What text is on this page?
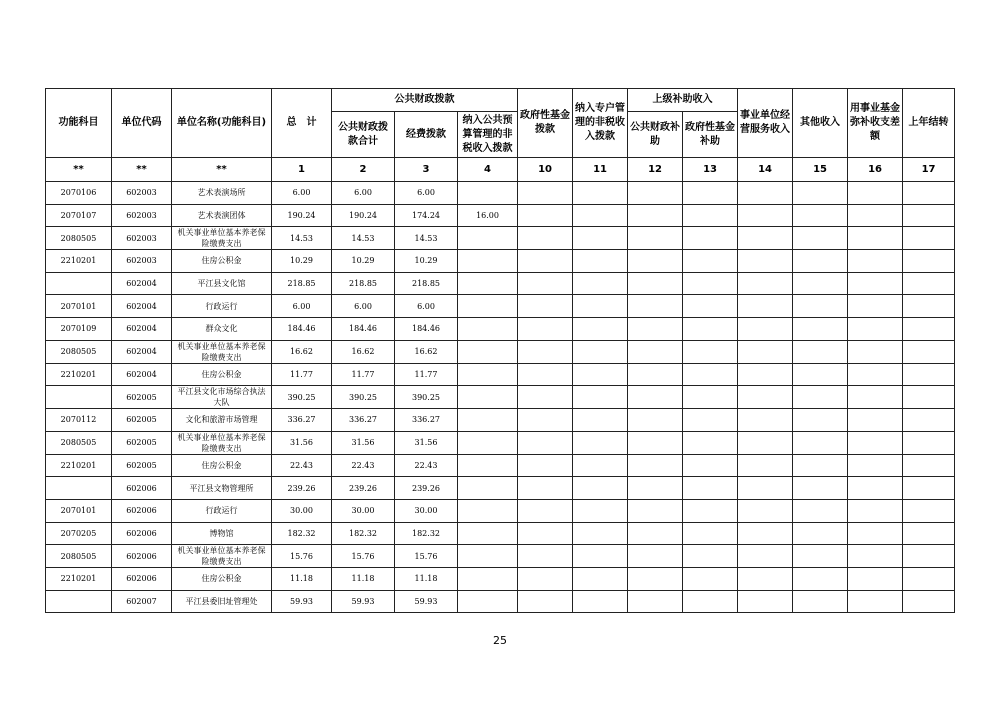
功能科目	单位代码	单位名称(功能科目)	总　计	公共财政拨款			政府性基金拨款	纳入专户管理的非税收入拨款	上级补助收入		事业单位经营服务收入	其他收入	用事业基金弥补收支差额	上年结转
				公共财政拨款合计	经费拨款	纳入公共预算管理的非税收入拨款			公共财政补助	政府性基金补助				
**	**	**	1	2	3	4	10	11	12	13	14	15	16	17
2070106	602003	艺术表演场所	6.00	6.00	6.00									
2070107	602003	艺术表演团体	190.24	190.24	174.24	16.00								
2080505	602003	机关事业单位基本养老保险缴费支出	14.53	14.53	14.53									
2210201	602003	住房公积金	10.29	10.29	10.29									
	602004	平江县文化馆	218.85	218.85	218.85									
2070101	602004	行政运行	6.00	6.00	6.00									
2070109	602004	群众文化	184.46	184.46	184.46									
2080505	602004	机关事业单位基本养老保险缴费支出	16.62	16.62	16.62									
2210201	602004	住房公积金	11.77	11.77	11.77									
	602005	平江县文化市场综合执法大队	390.25	390.25	390.25									
2070112	602005	文化和旅游市场管理	336.27	336.27	336.27									
2080505	602005	机关事业单位基本养老保险缴费支出	31.56	31.56	31.56									
2210201	602005	住房公积金	22.43	22.43	22.43									
	602006	平江县文物管理所	239.26	239.26	239.26									
2070101	602006	行政运行	30.00	30.00	30.00									
2070205	602006	博物馆	182.32	182.32	182.32									
2080505	602006	机关事业单位基本养老保险缴费支出	15.76	15.76	15.76									
2210201	602006	住房公积金	11.18	11.18	11.18									
	602007	平江县委旧址管理处	59.93	59.93	59.93									
25
